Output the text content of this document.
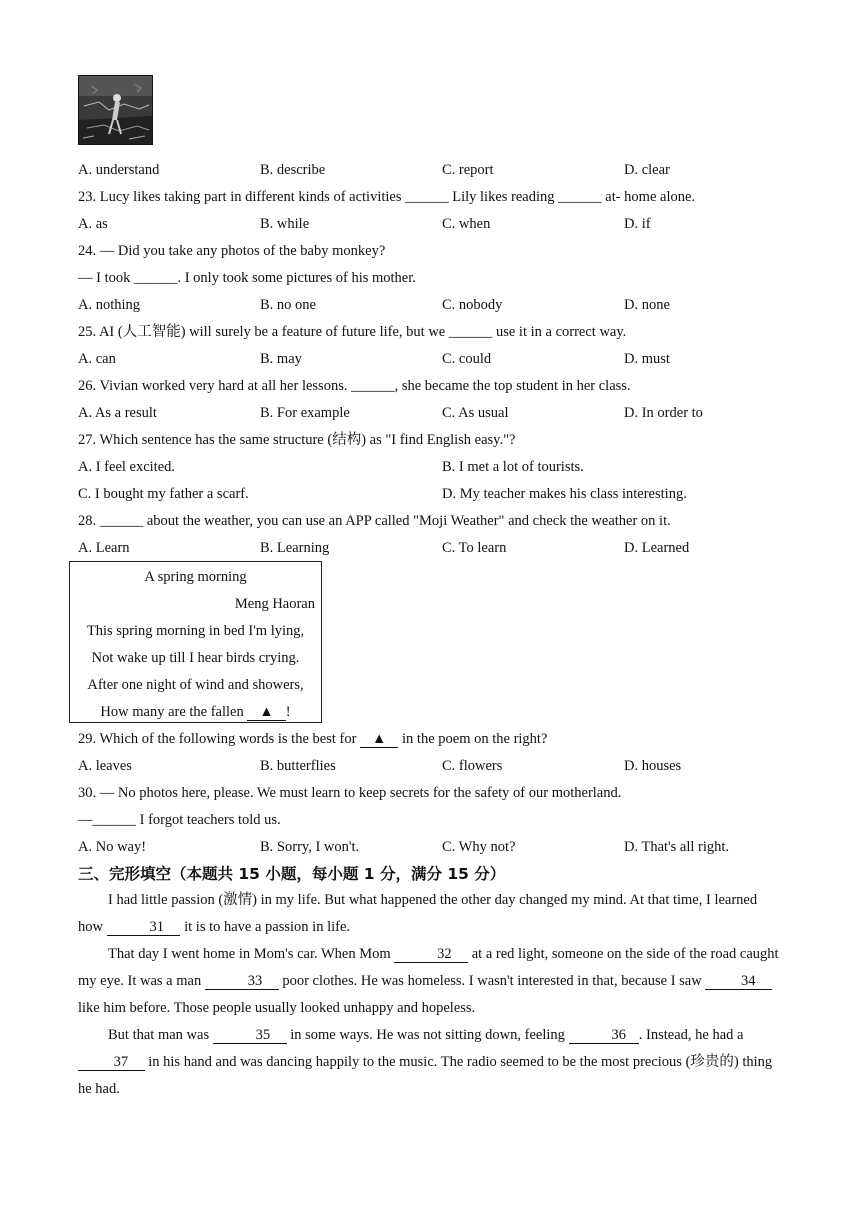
A. understand	B. describe	C. report	D. clear
23. Lucy likes taking part in different kinds of activities ______ Lily likes reading ______ at- home alone.
A. as	B. while	C. when	D. if
24. — Did you take any photos of the baby monkey?
— I took ______. I only took some pictures of his mother.
A. nothing	B. no one	C. nobody	D. none
25. AI (人工智能) will surely be a feature of future life, but we ______ use it in a correct way.
A. can	B. may	C. could	D. must
26. Vivian worked very hard at all her lessons. ______, she became the top student in her class.
A. As a result	B. For example	C. As usual	D. In order to
27. Which sentence has the same structure (结构) as "I find English easy."?
A. I feel excited.	B. I met a lot of tourists.
C. I bought my father a scarf.	D. My teacher makes his class interesting.
28. ______ about the weather, you can use an APP called "Moji Weather" and check the weather on it.
A. Learn	B. Learning	C. To learn	D. Learned
A spring morning
Meng Haoran
This spring morning in bed I'm lying,
Not wake up till I hear birds crying.
After one night of wind and showers,
How many are the fallen ▲ !
29. Which of the following words is the best for ▲ in the poem on the right?
A. leaves	B. butterflies	C. flowers	D. houses
30. — No photos here, please. We must learn to keep secrets for the safety of our motherland.
—______ I forgot teachers told us.
A. No way!	B. Sorry, I won't.	C. Why not?	D. That's all right.
三、完形填空（本题共 15 小题，每小题 1 分，满分 15 分）
I had little passion (激情) in my life. But what happened the other day changed my mind. At that time, I learned how	31 it is to have a passion in life.
That day I went home in Mom's car. When Mom	32 at a red light, someone on the side of the road caught my eye. It was a man	33 poor clothes. He was homeless. I wasn't interested in that, because I saw	34     like him before. Those people usually looked unhappy and hopeless.
But that man was	35 in some ways. He was not sitting down, feeling	36 . Instead, he had a  37 in his hand and was dancing happily to the music. The radio seemed to be the most precious (珍贵的) thing he had.
